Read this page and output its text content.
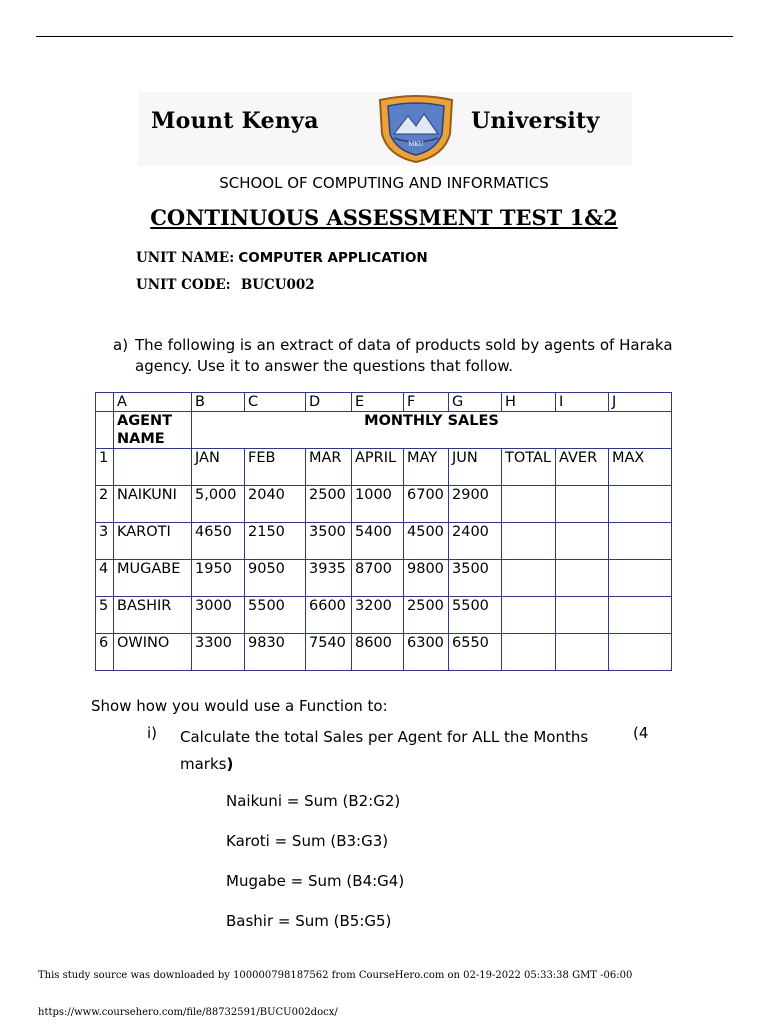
Mount Kenya
MKU
University
SCHOOL OF COMPUTING AND INFORMATICS
CONTINUOUS ASSESSMENT TEST 1&2
UNIT NAME: COMPUTER APPLICATION
UNIT CODE: BUCU002
a) The following is an extract of data of products sold by agents of Haraka agency. Use it to answer the questions that follow.
	A	B	C	D	E	F	G	H	I	J
	AGENT NAME	MONTHLY SALES								
1		JAN	FEB	MAR	APRIL	MAY	JUN	TOTAL	AVER	MAX
2	NAIKUNI	5,000	2040	2500	1000	6700	2900			
3	KAROTI	4650	2150	3500	5400	4500	2400			
4	MUGABE	1950	9050	3935	8700	9800	3500			
5	BASHIR	3000	5500	6600	3200	2500	5500			
6	OWINO	3300	9830	7540	8600	6300	6550			
Show how you would use a Function to:
i) Calculate the total Sales per Agent for ALL the Months
marks)
(4
Naikuni = Sum (B2:G2)
Karoti = Sum (B3:G3)
Mugabe = Sum (B4:G4)
Bashir = Sum (B5:G5)
This study source was downloaded by 100000798187562 from CourseHero.com on 02-19-2022 05:33:38 GMT -06:00
https://www.coursehero.com/file/88732591/BUCU002docx/
